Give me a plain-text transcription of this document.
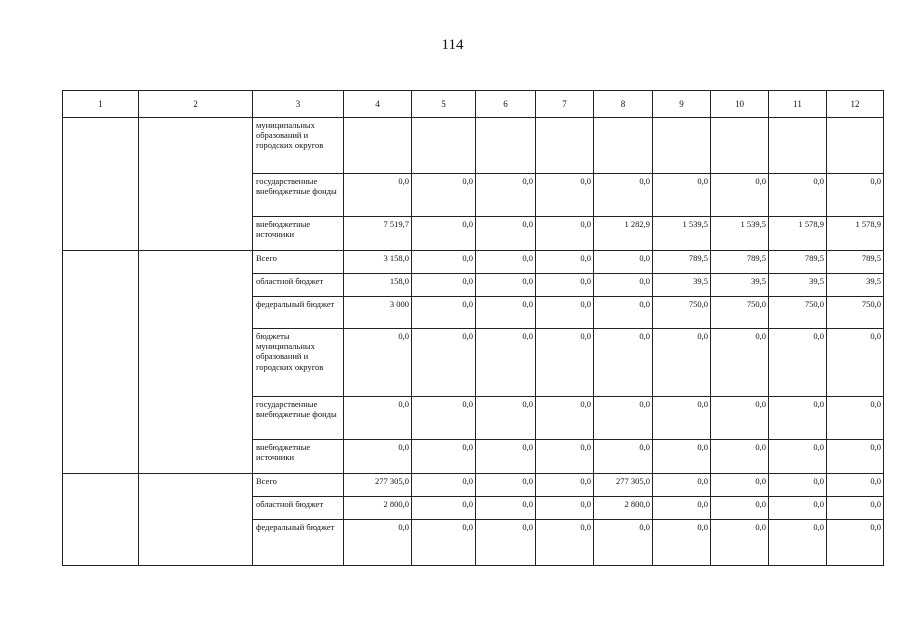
114
1	2	3	4	5	6	7	8	9	10	11	12
		муниципальных образований и городских округов									
		государственные внебюджетные фонды	0,0	0,0	0,0	0,0	0,0	0,0	0,0	0,0	0,0
		внебюджетные источники	7 519,7	0,0	0,0	0,0	1 282,9	1 539,5	1 539,5	1 578,9	1 578,9
		Всего	3 158,0	0,0	0,0	0,0	0,0	789,5	789,5	789,5	789,5
		областной бюджет	158,0	0,0	0,0	0,0	0,0	39,5	39,5	39,5	39,5
		федеральный бюджет	3 000	0,0	0,0	0,0	0,0	750,0	750,0	750,0	750,0
		бюджеты муниципальных образований и городских округов	0,0	0,0	0,0	0,0	0,0	0,0	0,0	0,0	0,0
		государственные внебюджетные фонды	0,0	0,0	0,0	0,0	0,0	0,0	0,0	0,0	0,0
		внебюджетные источники	0,0	0,0	0,0	0,0	0,0	0,0	0,0	0,0	0,0
		Всего	277 305,0	0,0	0,0	0,0	277 305,0	0,0	0,0	0,0	0,0
		областной бюджет	2 800,0	0,0	0,0	0,0	2 800,0	0,0	0,0	0,0	0,0
		федеральный бюджет	0,0	0,0	0,0	0,0	0,0	0,0	0,0	0,0	0,0
